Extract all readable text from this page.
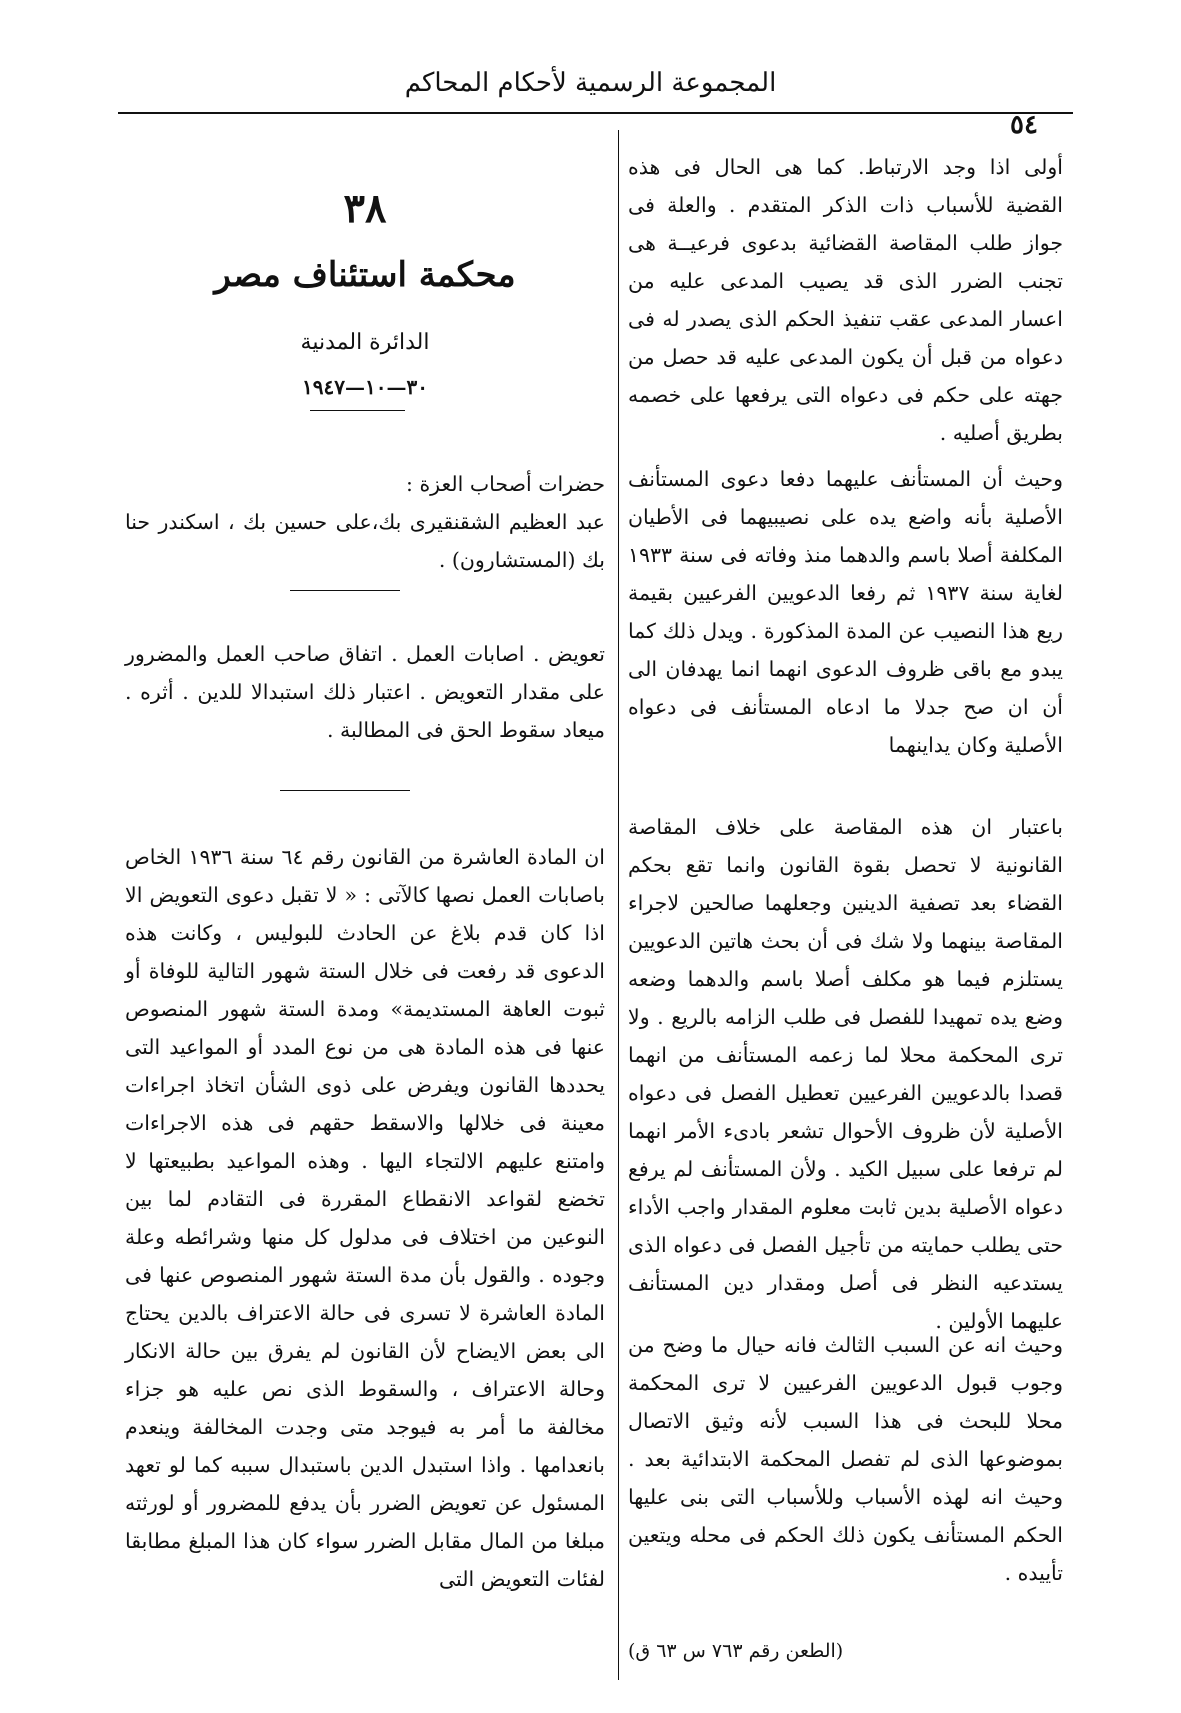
المجموعة الرسمية لأحكام المحاكم
٥٤
٣٨
محكمة استئناف مصر
الدائرة المدنية
٣٠—١٠—١٩٤٧

حضرات أصحاب العزة :

عبد العظيم الشقنقيرى بك،على حسين بك ، اسكندر حنا بك (المستشارون) .

تعويض . اصابات العمل . اتفاق صاحب العمل والمضرور على مقدار التعويض . اعتبار ذلك استبدالا للدين . أثره . ميعاد سقوط الحق فى المطالبة .
ان المادة العاشرة من القانون رقم ٦٤ سنة ١٩٣٦ الخاص باصابات العمل نصها كالآتى : « لا تقبل دعوى التعويض الا اذا كان قدم بلاغ عن الحادث للبوليس ، وكانت هذه الدعوى قد رفعت فى خلال الستة شهور التالية للوفاة أو ثبوت العاهة المستديمة» ومدة الستة شهور المنصوص عنها فى هذه المادة هى من نوع المدد أو المواعيد التى يحددها القانون ويفرض على ذوى الشأن اتخاذ اجراءات معينة فى خلالها والاسقط حقهم فى هذه الاجراءات وامتنع عليهم الالتجاء اليها . وهذه المواعيد بطبيعتها لا تخضع لقواعد الانقطاع المقررة فى التقادم لما بين النوعين من اختلاف فى مدلول كل منها وشرائطه وعلة وجوده . والقول بأن مدة الستة شهور المنصوص عنها فى المادة العاشرة لا تسرى فى حالة الاعتراف بالدين يحتاج الى بعض الايضاح لأن القانون لم يفرق بين حالة الانكار وحالة الاعتراف ، والسقوط الذى نص عليه هو جزاء مخالفة ما أمر به فيوجد متى وجدت المخالفة وينعدم بانعدامها . واذا استبدل الدين باستبدال سببه كما لو تعهد المسئول عن تعويض الضرر بأن يدفع للمضرور أو لورثته مبلغا من المال مقابل الضرر سواء كان هذا المبلغ مطابقا لفئات التعويض التى

أولى اذا وجد الارتباط. كما هى الحال فى هذه القضية للأسباب ذات الذكر المتقدم . والعلة فى جواز طلب المقاصة القضائية بدعوى فرعيــة هى تجنب الضرر الذى قد يصيب المدعى عليه من اعسار المدعى عقب تنفيذ الحكم الذى يصدر له فى دعواه من قبل أن يكون المدعى عليه قد حصل من جهته على حكم فى دعواه التى يرفعها على خصمه بطريق أصليه .

وحيث أن المستأنف عليهما دفعا دعوى المستأنف الأصلية بأنه واضع يده على نصيبيهما فى الأطيان المكلفة أصلا باسم والدهما منذ وفاته فى سنة ١٩٣٣ لغاية سنة ١٩٣٧ ثم رفعا الدعويين الفرعيين بقيمة ريع هذا النصيب عن المدة المذكورة . ويدل ذلك كما يبدو مع باقى ظروف الدعوى انهما انما يهدفان الى أن ان صح جدلا ما ادعاه المستأنف فى دعواه الأصلية وكان يداينهما

باعتبار ان هذه المقاصة على خلاف المقاصة القانونية لا تحصل بقوة القانون وانما تقع بحكم القضاء بعد تصفية الدينين وجعلهما صالحين لاجراء المقاصة بينهما ولا شك فى أن بحث هاتين الدعويين يستلزم فيما هو مكلف أصلا باسم والدهما وضعه وضع يده تمهيدا للفصل فى طلب الزامه بالريع . ولا ترى المحكمة محلا لما زعمه المستأنف من انهما قصدا بالدعويين الفرعيين تعطيل الفصل فى دعواه الأصلية لأن ظروف الأحوال تشعر بادىء الأمر انهما لم ترفعا على سبيل الكيد . ولأن المستأنف لم يرفع دعواه الأصلية بدين ثابت معلوم المقدار واجب الأداء حتى يطلب حمايته من تأجيل الفصل فى دعواه الذى يستدعيه النظر فى أصل ومقدار دين المستأنف عليهما الأولين .

وحيث انه عن السبب الثالث فانه حيال ما وضح من وجوب قبول الدعويين الفرعيين لا ترى المحكمة محلا للبحث فى هذا السبب لأنه وثيق الاتصال بموضوعها الذى لم تفصل المحكمة الابتدائية بعد . وحيث انه لهذه الأسباب وللأسباب التى بنى عليها الحكم المستأنف يكون ذلك الحكم فى محله ويتعين تأييده .

(الطعن رقم ٧٦٣ س ٦٣ ق)
